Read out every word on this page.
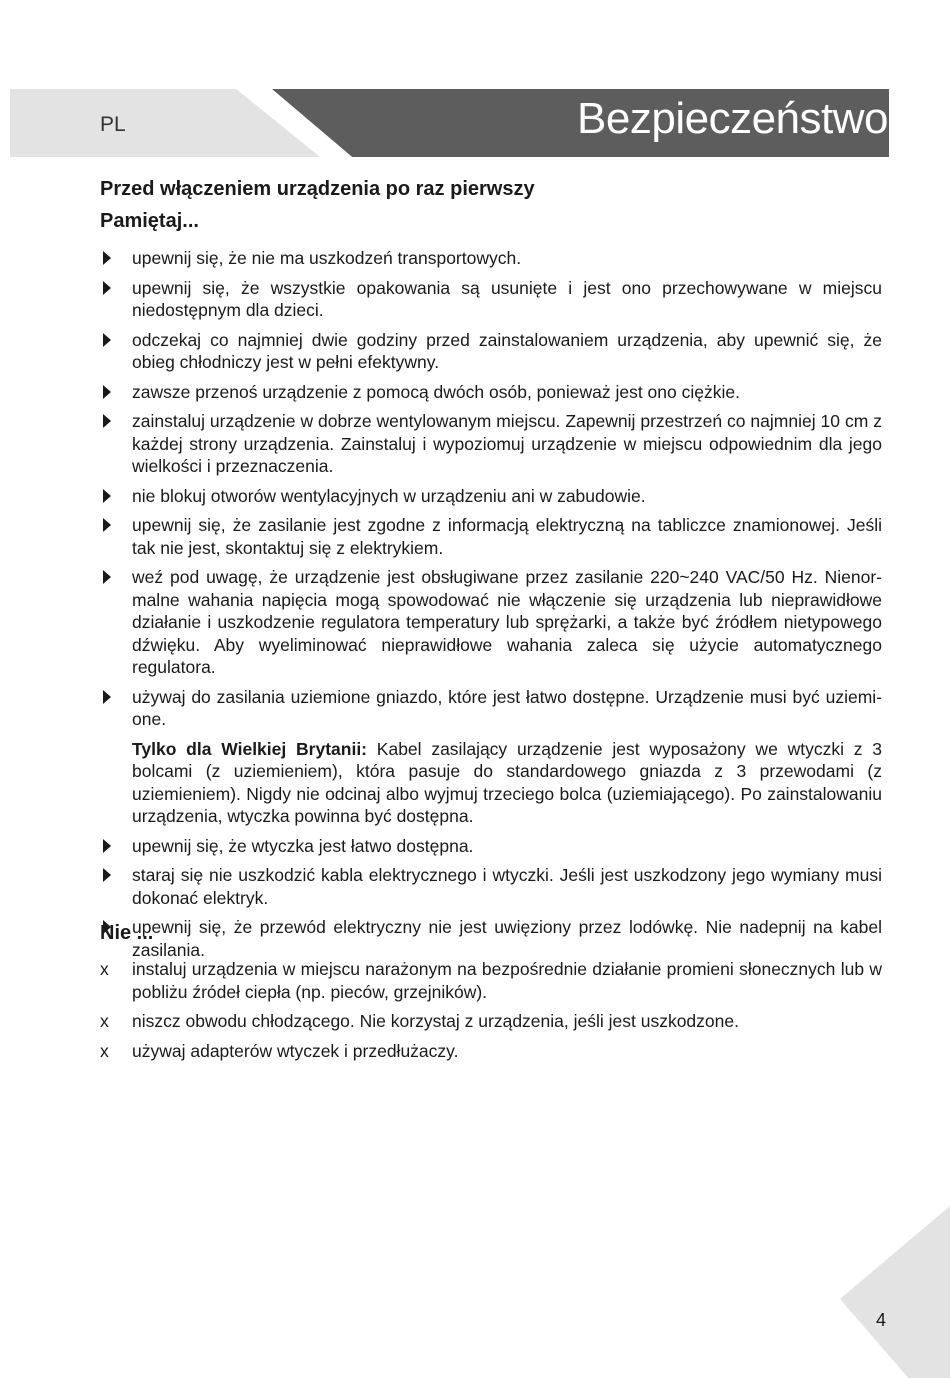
PL	Bezpieczeństwo
Przed włączeniem urządzenia po raz pierwszy
Pamiętaj...
upewnij się, że nie ma uszkodzeń transportowych.
upewnij się, że wszystkie opakowania są usunięte i jest ono przechowywane w miejscu niedostępnym dla dzieci.
odczekaj co najmniej dwie godziny przed zainstalowaniem urządzenia, aby upewnić się, że obieg chłodniczy jest w pełni efektywny.
zawsze przenoś urządzenie z pomocą dwóch osób, ponieważ jest ono ciężkie.
zainstaluj urządzenie w dobrze wentylowanym miejscu. Zapewnij przestrzeń co najmniej 10 cm z każdej strony urządzenia. Zainstaluj i wypoziomuj urządzenie w miejscu odpowiednim dla jego wielkości i przeznaczenia.
nie blokuj otworów wentylacyjnych w urządzeniu ani w zabudowie.
upewnij się, że zasilanie jest zgodne z informacją elektryczną na tabliczce znamionowej. Jeśli tak nie jest, skontaktuj się z elektrykiem.
weź pod uwagę, że urządzenie jest obsługiwane przez zasilanie 220~240 VAC/50 Hz. Nienormalne wahania napięcia mogą spowodować nie włączenie się urządzenia lub nieprawidłowe działanie i uszkodzenie regulatora temperatury lub sprężarki, a także być źródłem nietypowego dźwięku. Aby wyeliminować nieprawidłowe wahania zaleca się użycie automatycznego regulatora.
używaj do zasilania uziemione gniazdo, które jest łatwo dostępne. Urządzenie musi być uziemione.
Tylko dla Wielkiej Brytanii: Kabel zasilający urządzenie jest wyposażony we wtyczki z 3 bolcami (z uziemieniem), która pasuje do standardowego gniazda z 3 przewodami (z uziemieniem). Nigdy nie odcinaj albo wyjmuj trzeciego bolca (uziemiającego). Po zainstalowaniu urządzenia, wtyczka powinna być dostępna.
upewnij się, że wtyczka jest łatwo dostępna.
staraj się nie uszkodzić kabla elektrycznego i wtyczki. Jeśli jest uszkodzony jego wymiany musi dokonać elektryk.
upewnij się, że przewód elektryczny nie jest uwięziony przez lodówkę. Nie nadepnij na kabel zasilania.
Nie ...
x instaluj urządzenia w miejscu narażonym na bezpośrednie działanie promieni słonecznych lub w pobliżu źródeł ciepła (np. pieców, grzejników).
x niszcz obwodu chłodzącego. Nie korzystaj z urządzenia, jeśli jest uszkodzone.
x używaj adapterów wtyczek i przedłużaczy.
4
